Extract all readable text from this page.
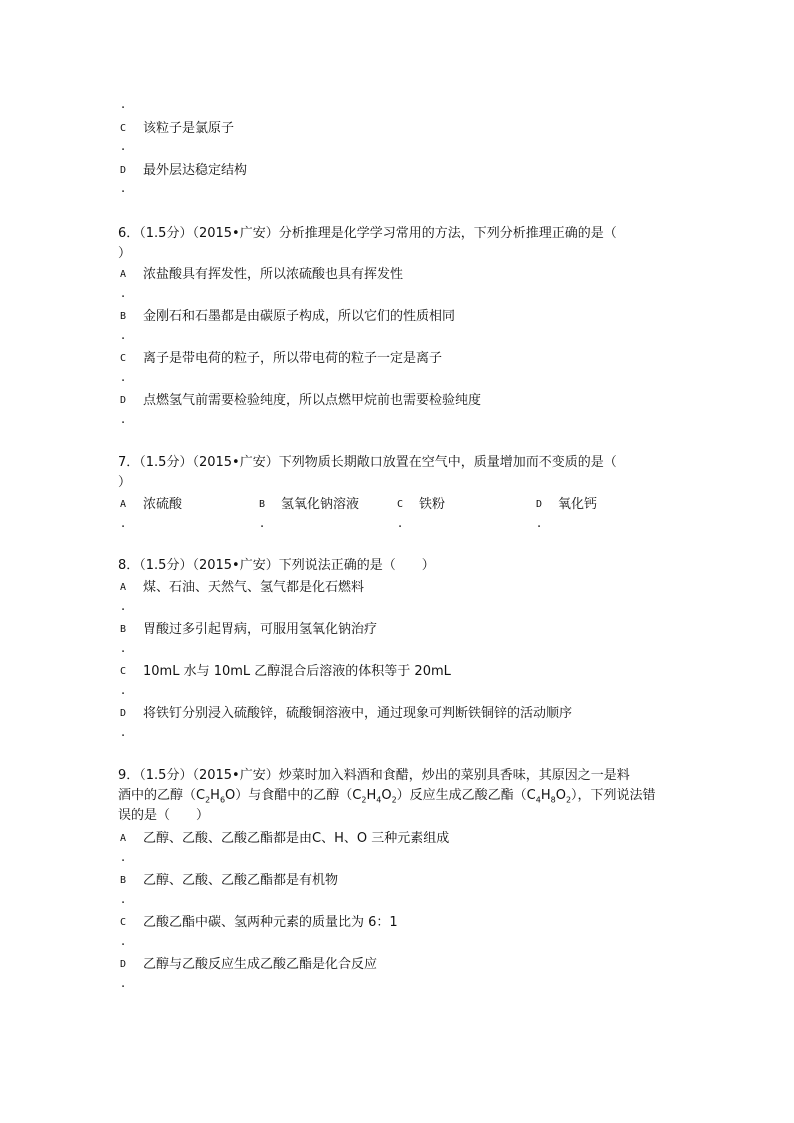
.
C 该粒子是氯原子
.
D 最外层达稳定结构
.
6．（1.5分）（2015•广安）分析推理是化学学习常用的方法，下列分析推理正确的是（
）
A 浓盐酸具有挥发性，所以浓硫酸也具有挥发性
.
B 金刚石和石墨都是由碳原子构成，所以它们的性质相同
.
C 离子是带电荷的粒子，所以带电荷的粒子一定是离子
.
D 点燃氢气前需要检验纯度，所以点燃甲烷前也需要检验纯度
.
7．（1.5分）（2015•广安）下列物质长期敞口放置在空气中，质量增加而不变质的是（
）
A 浓硫酸
.
B 氢氧化钠溶液
.
C 铁粉
.
D 氧化钙
.
8．（1.5分）（2015•广安）下列说法正确的是（　　）
A 煤、石油、天然气、氢气都是化石燃料
.
B 胃酸过多引起胃病，可服用氢氧化钠治疗
.
C 10mL 水与 10mL 乙醇混合后溶液的体积等于 20mL
.
D 将铁钉分别浸入硫酸锌，硫酸铜溶液中，通过现象可判断铁铜锌的活动顺序
.
9．（1.5分）（2015•广安）炒菜时加入料酒和食醋，炒出的菜别具香味，其原因之一是料
酒中的乙醇$(C_2H_6O)$与食醋中的乙醇$(C_2H_4O_2)$反应生成乙酸乙酯$(C_4H_8O_2)$，下列说法错
误的是（　　）
A 乙醇、乙酸、乙酸乙酯都是由C、H、O 三种元素组成
.
B 乙醇、乙酸、乙酸乙酯都是有机物
.
C 乙酸乙酯中碳、氢两种元素的质量比为 6：1
.
D 乙醇与乙酸反应生成乙酸乙酯是化合反应
.
